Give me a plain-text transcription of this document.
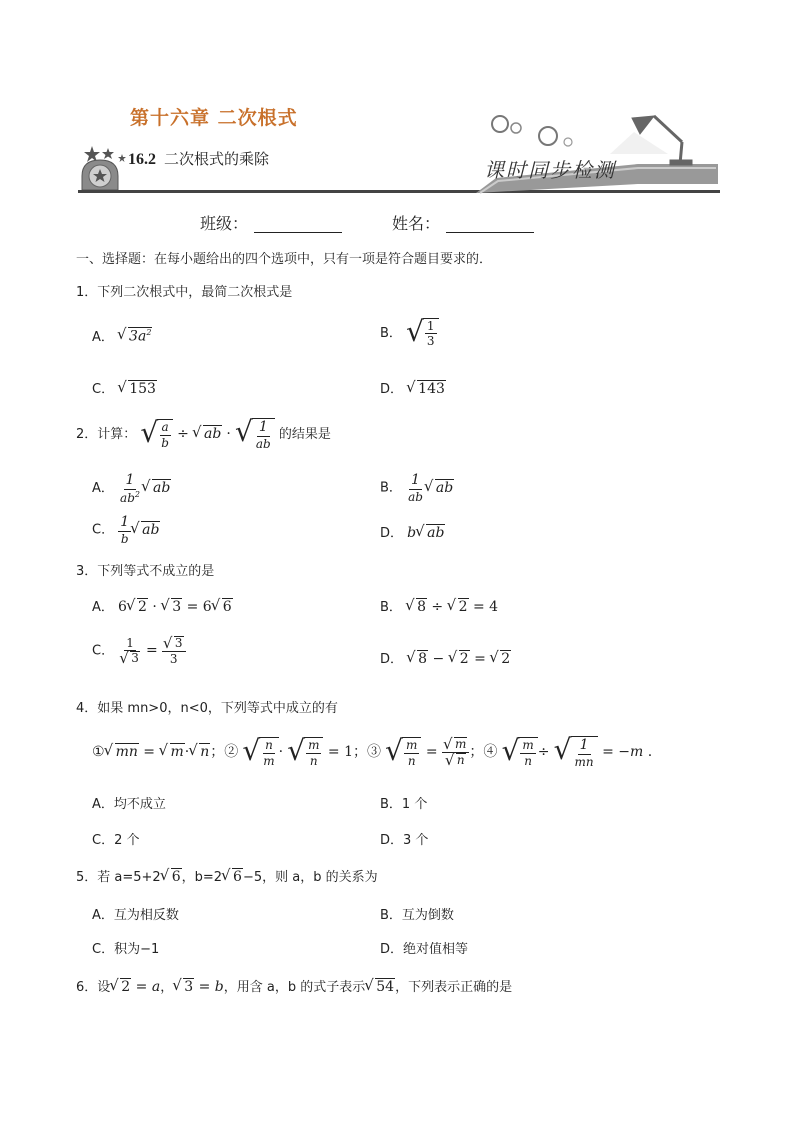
第十六章 二次根式
16.2 二次根式的乘除	课时同步检测
班级：	姓名：
一、选择题：在每小题给出的四个选项中，只有一项是符合题目要求的．
1．下列二次根式中，最简二次根式是
A． √ $3a^2$	B． √ $\frac{1}{3}$
C． √ 153	D． √ 143
2．计算： √ $\frac{a}{b}$ ÷ √ ab · √ $\frac{1}{ab}$ 的结果是
A． $\frac{1}{ab^2}$ √ ab	B． $\frac{1}{ab}$ √ ab
C． $\frac{1}{b}$ √ ab	D． b √ ab
3．下列等式不成立的是
A． 6 √ 2 · √ 3 = 6 √ 6	B． √ 8 ÷ √ 2 = 4
C． 1
√ 3 = √ $\frac{3}{3}$	D． √ 8 − √ 2 = √ 2
4．如果 mn>0，n<0，下列等式中成立的有
① √ mn = √ m· √ n；② √ $\frac{n}{m}$ · √ $\frac{m}{n} = 1$；③ √ $\frac{m}{n}$ = √ m
√ n ；④ √ $\frac{m}{n}$ ÷ √ $\frac{1}{mn} = -m$ .
A．均不成立	B．1 个
C．2 个	D．3 个
5．若 a=5+2 √ 6，b=2 √ 6−5，则 a，b 的关系为
A．互为相反数	B．互为倒数
C．积为−1	D．绝对值相等
6．设 √ 2 = a， √ 3 = b，用含 a，b 的式子表示 √ 54，下列表示正确的是
